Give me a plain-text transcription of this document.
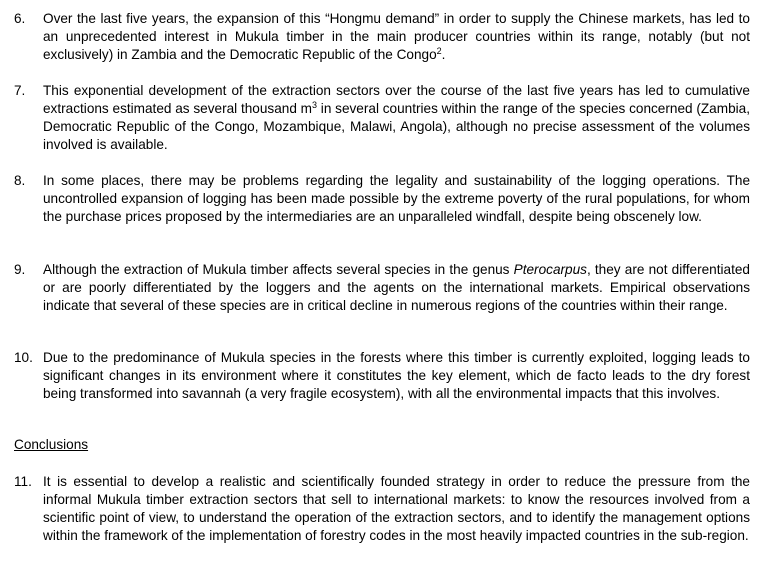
6.	Over the last five years, the expansion of this “Hongmu demand” in order to supply the Chinese markets, has led to an unprecedented interest in Mukula timber in the main producer countries within its range, notably (but not exclusively) in Zambia and the Democratic Republic of the Congo$^2$.
7.	This exponential development of the extraction sectors over the course of the last five years has led to cumulative extractions estimated as several thousand $m^3$ in several countries within the range of the species concerned (Zambia, Democratic Republic of the Congo, Mozambique, Malawi, Angola), although no precise assessment of the volumes involved is available.
8.	In some places, there may be problems regarding the legality and sustainability of the logging operations. The uncontrolled expansion of logging has been made possible by the extreme poverty of the rural populations, for whom the purchase prices proposed by the intermediaries are an unparalleled windfall, despite being obscenely low.
9.	Although the extraction of Mukula timber affects several species in the genus Pterocarpus, they are not differentiated or are poorly differentiated by the loggers and the agents on the international markets. Empirical observations indicate that several of these species are in critical decline in numerous regions of the countries within their range.
10. Due to the predominance of Mukula species in the forests where this timber is currently exploited, logging leads to significant changes in its environment where it constitutes the key element, which de facto leads to the dry forest being transformed into savannah (a very fragile ecosystem), with all the environmental impacts that this involves.
Conclusions
11. It is essential to develop a realistic and scientifically founded strategy in order to reduce the pressure from the informal Mukula timber extraction sectors that sell to international markets: to know the resources involved from a scientific point of view, to understand the operation of the extraction sectors, and to identify the management options within the framework of the implementation of forestry codes in the most heavily impacted countries in the sub-region.
